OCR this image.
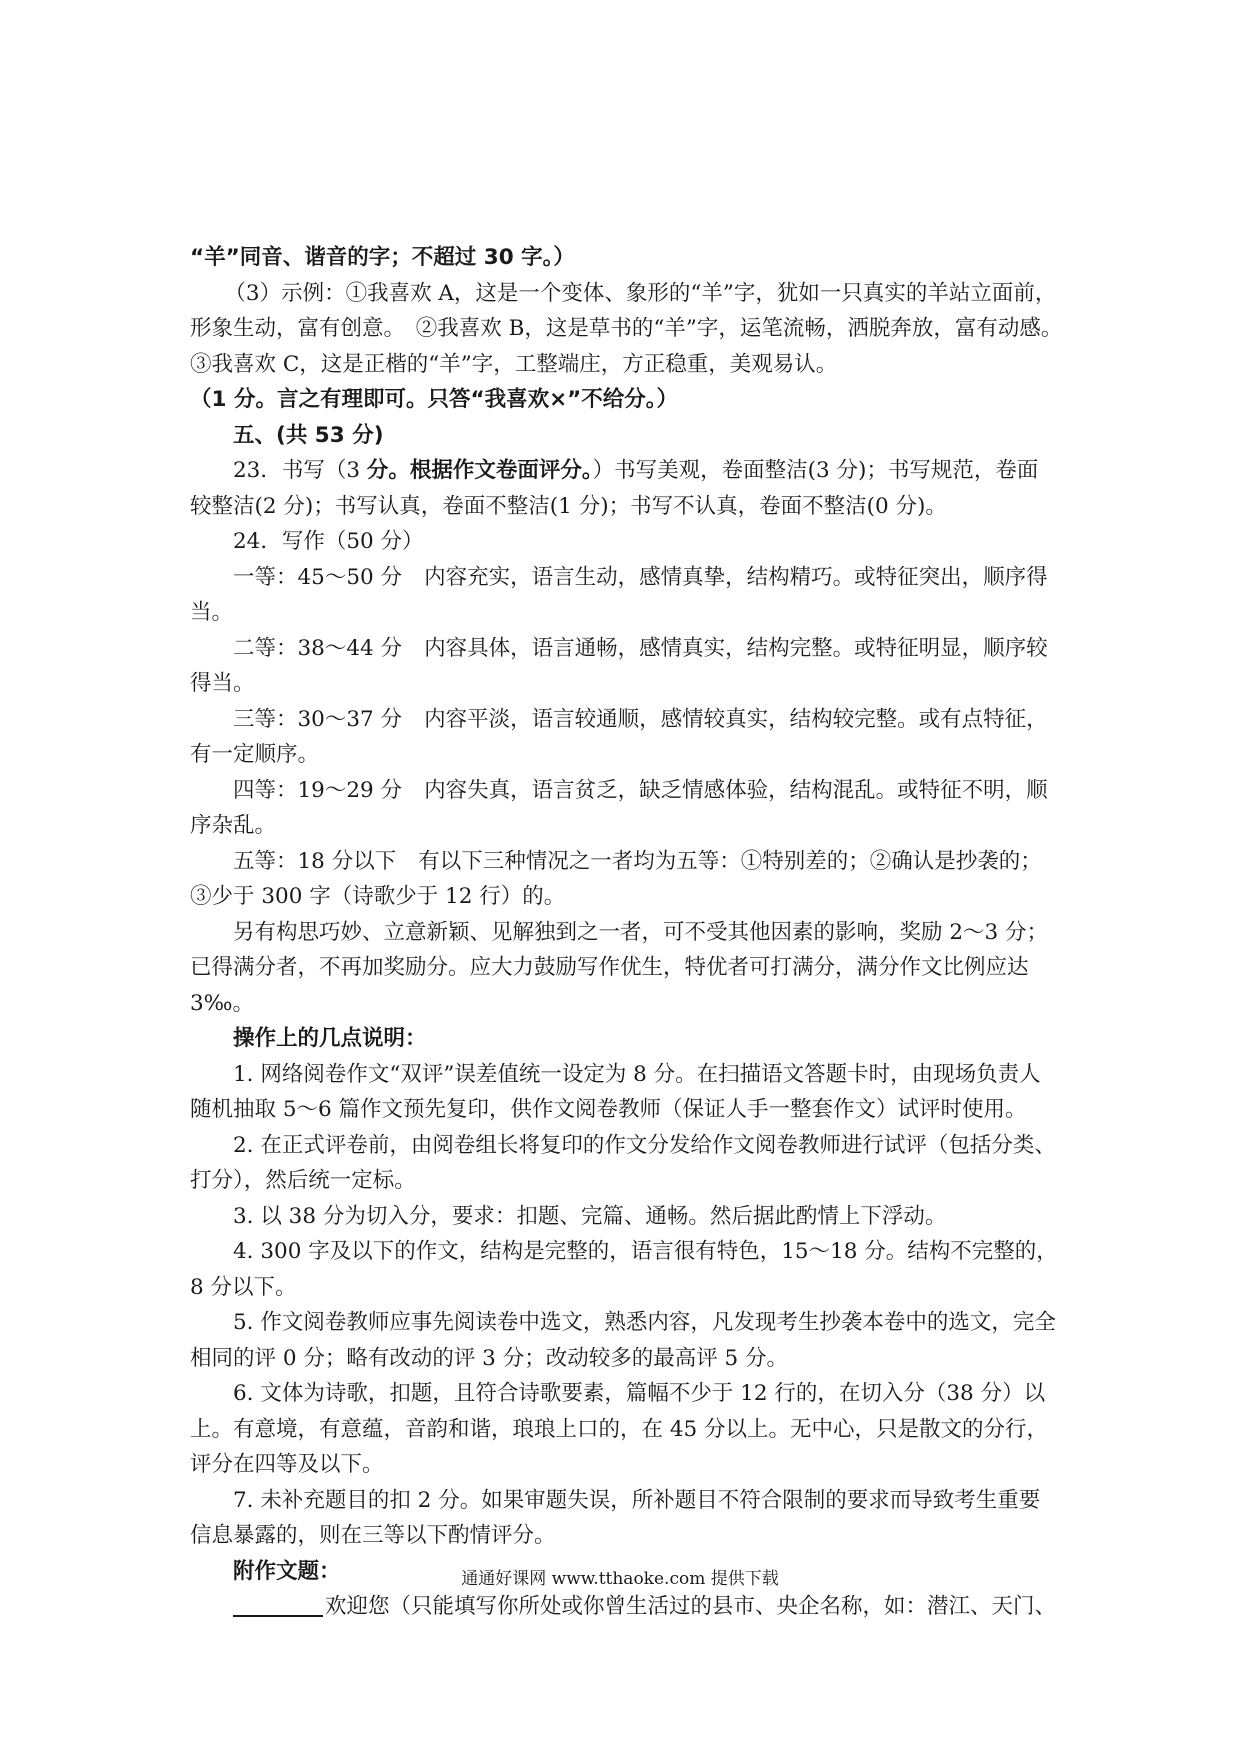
“羊”同音、谐音的字；不超过 30 字。）

（3）示例：①我喜欢 A，这是一个变体、象形的“羊”字，犹如一只真实的羊站立面前，形象生动，富有创意。　②我喜欢 B，这是草书的“羊”字，运笔流畅，洒脱奔放，富有动感。　③我喜欢 C，这是正楷的“羊”字，工整端庄，方正稳重，美观易认。

（1 分。言之有理即可。只答“我喜欢×”不给分。）

五、(共 53 分)

23．书写（3 分。根据作文卷面评分。）书写美观，卷面整洁(3 分)；书写规范，卷面较整洁(2 分)；书写认真，卷面不整洁(1 分)；书写不认真，卷面不整洁(0 分)。

24．写作（50 分）

一等：45～50 分 内容充实，语言生动，感情真挚，结构精巧。或特征突出，顺序得当。

二等：38～44 分 内容具体，语言通畅，感情真实，结构完整。或特征明显，顺序较得当。

三等：30～37 分 内容平淡，语言较通顺，感情较真实，结构较完整。或有点特征，有一定顺序。

四等：19～29 分 内容失真，语言贫乏，缺乏情感体验，结构混乱。或特征不明，顺序杂乱。

五等：18 分以下 有以下三种情况之一者均为五等：①特别差的；②确认是抄袭的；③少于 300 字（诗歌少于 12 行）的。

另有构思巧妙、立意新颖、见解独到之一者，可不受其他因素的影响，奖励 2～3 分；已得满分者，不再加奖励分。应大力鼓励写作优生，特优者可打满分，满分作文比例应达 3‰。

操作上的几点说明：

1. 网络阅卷作文“双评”误差值统一设定为 8 分。在扫描语文答题卡时，由现场负责人随机抽取 5～6 篇作文预先复印，供作文阅卷教师（保证人手一整套作文）试评时使用。

2. 在正式评卷前，由阅卷组长将复印的作文分发给作文阅卷教师进行试评（包括分类、打分），然后统一定标。

3. 以 38 分为切入分，要求：扣题、完篇、通畅。然后据此酌情上下浮动。

4. 300 字及以下的作文，结构是完整的，语言很有特色，15～18 分。结构不完整的，8 分以下。

5. 作文阅卷教师应事先阅读卷中选文，熟悉内容，凡发现考生抄袭本卷中的选文，完全相同的评 0 分；略有改动的评 3 分；改动较多的最高评 5 分。

6. 文体为诗歌，扣题，且符合诗歌要素，篇幅不少于 12 行的，在切入分（38 分）以上。有意境，有意蕴，音韵和谐，琅琅上口的，在 45 分以上。无中心，只是散文的分行，评分在四等及以下。

7. 未补充题目的扣 2 分。如果审题失误，所补题目不符合限制的要求而导致考生重要信息暴露的，则在三等以下酌情评分。

附作文题：

欢迎您（只能填写你所处或你曾生活过的县市、央企名称，如：潜江、天门、

通通好课网 www.tthaoke.com 提供下载
